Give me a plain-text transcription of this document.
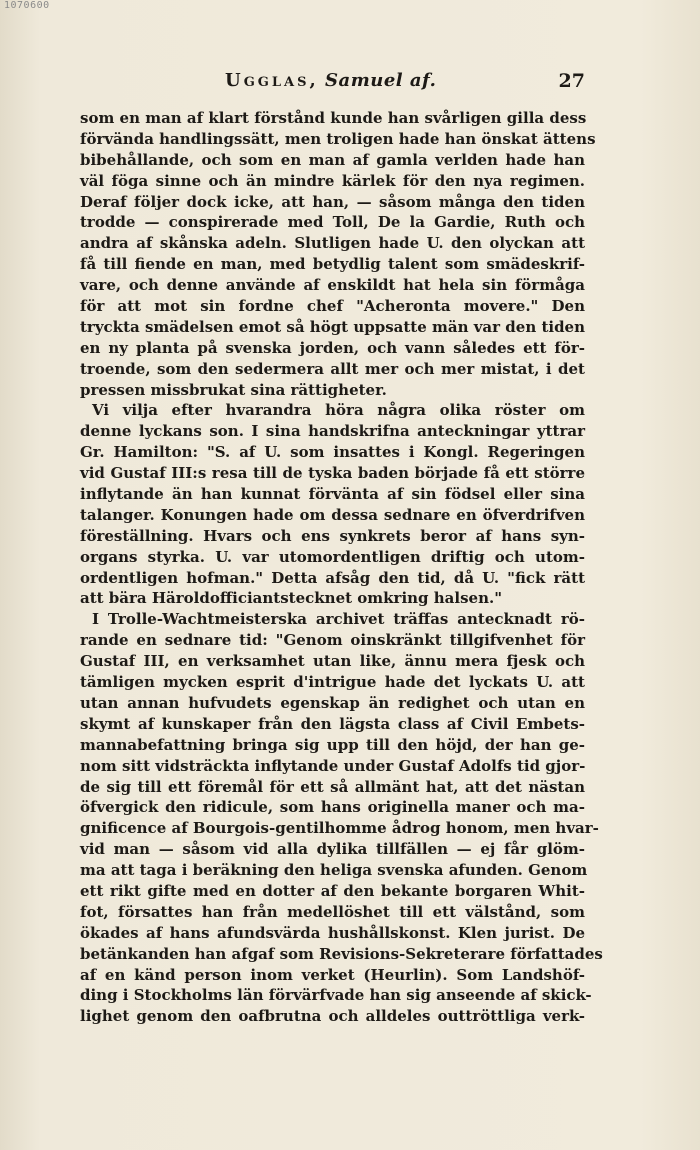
1070600
Ugglas, Samuel af.	27
som en man af klart förstånd kunde han svårligen gilla dess
förvända handlingssätt, men troligen hade han önskat ättens
bibehållande, och som en man af gamla verlden hade han
väl föga sinne och än mindre kärlek för den nya regimen.
Deraf följer dock icke, att han, — såsom många den tiden
trodde — conspirerade med Toll, De la Gardie, Ruth och
andra af skånska adeln. Slutligen hade U. den olyckan att
få till fiende en man, med betydlig talent som smädeskrif-
vare, och denne använde af enskildt hat hela sin förmåga
för att mot sin fordne chef "Acheronta movere." Den
tryckta smädelsen emot så högt uppsatte män var den tiden
en ny planta på svenska jorden, och vann således ett för-
troende, som den sedermera allt mer och mer mistat, i det
pressen missbrukat sina rättigheter.
Vi vilja efter hvarandra höra några olika röster om
denne lyckans son. I sina handskrifna anteckningar yttrar
Gr. Hamilton: "S. af U. som insattes i Kongl. Regeringen
vid Gustaf III:s resa till de tyska baden började få ett större
inflytande än han kunnat förvänta af sin födsel eller sina
talanger. Konungen hade om dessa sednare en öfverdrifven
föreställning. Hvars och ens synkrets beror af hans syn-
organs styrka. U. var utomordentligen driftig och utom-
ordentligen hofman." Detta afsåg den tid, då U. "fick rätt
att bära Häroldofficiantstecknet omkring halsen."
I Trolle-Wachtmeisterska archivet träffas antecknadt rö-
rande en sednare tid: "Genom oinskränkt tillgifvenhet för
Gustaf III, en verksamhet utan like, ännu mera fjesk och
tämligen mycken esprit d'intrigue hade det lyckats U. att
utan annan hufvudets egenskap än redighet och utan en
skymt af kunskaper från den lägsta class af Civil Embets-
mannabefattning bringa sig upp till den höjd, der han ge-
nom sitt vidsträckta inflytande under Gustaf Adolfs tid gjor-
de sig till ett föremål för ett så allmänt hat, att det nästan
öfvergick den ridicule, som hans originella maner och ma-
gnificence af Bourgois-gentilhomme ådrog honom, men hvar-
vid man — såsom vid alla dylika tillfällen — ej får glöm-
ma att taga i beräkning den heliga svenska afunden. Genom
ett rikt gifte med en dotter af den bekante borgaren Whit-
fot, försattes han från medellöshet till ett välstånd, som
ökades af hans afundsvärda hushållskonst. Klen jurist. De
betänkanden han afgaf som Revisions-Sekreterare författades
af en känd person inom verket (Heurlin). Som Landshöf-
ding i Stockholms län förvärfvade han sig anseende af skick-
lighet genom den oafbrutna och alldeles outtröttliga verk-
